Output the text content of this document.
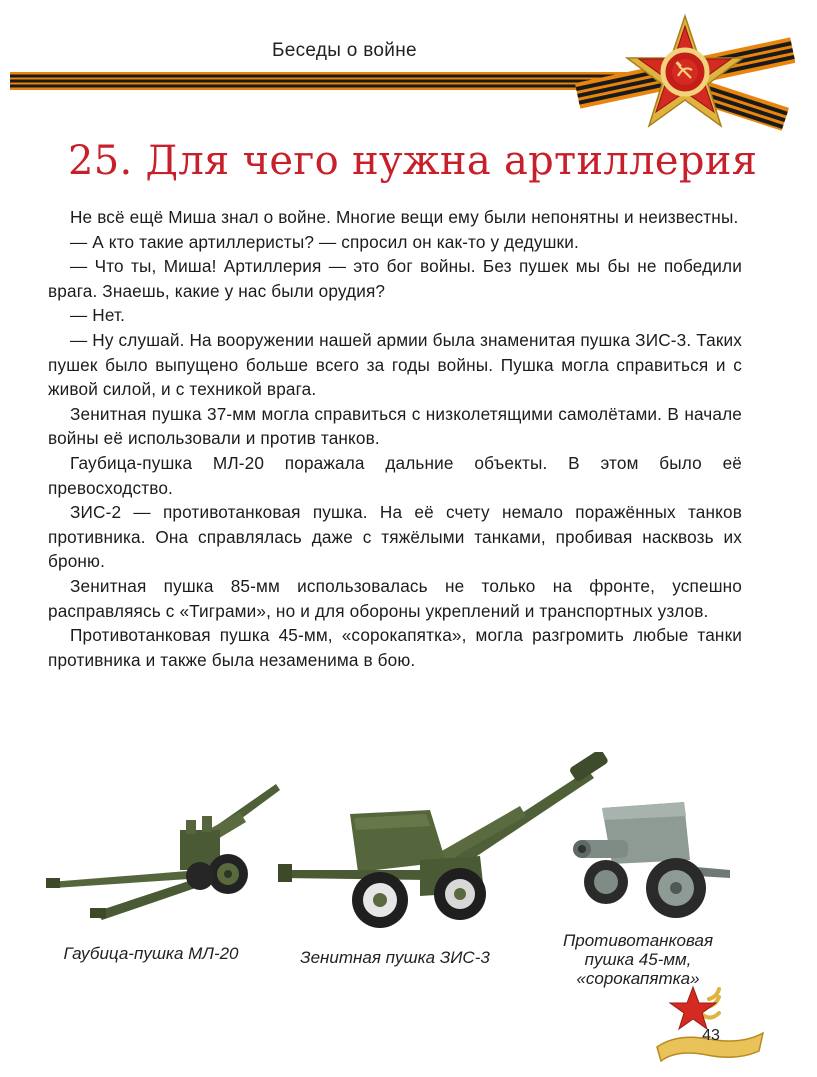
Беседы о войне
25. Для чего нужна артиллерия

Не всё ещё Миша знал о войне. Многие вещи ему были непонятны и неизвестны.

— А кто такие артиллеристы? — спросил он как-то у дедушки.

— Что ты, Миша! Артиллерия — это бог войны. Без пушек мы бы не победили врага. Знаешь, какие у нас были орудия?

— Нет.

— Ну слушай. На вооружении нашей армии была знаменитая пушка ЗИС-3. Таких пушек было выпущено больше всего за годы войны. Пушка могла справиться и с живой силой, и с техникой врага.

Зенитная пушка 37-мм могла справиться с низколетящими самолётами. В начале войны её использовали и против танков.

Гаубица-пушка МЛ-20 поражала дальние объекты. В этом было её превосходство.

ЗИС-2 — противотанковая пушка. На её счету немало поражённых танков противника. Она справлялась даже с тяжёлыми танками, пробивая насквозь их броню.

Зенитная пушка 85-мм использовалась не только на фронте, успешно расправляясь с «Тиграми», но и для обороны укреплений и транспортных узлов.

Противотанковая пушка 45-мм, «сорокапятка», могла разгромить любые танки противника и также была незаменима в бою.

Гаубица-пушка МЛ-20	Зенитная пушка ЗИС-3
Противотанковая
пушка 45-мм,
«сорокапятка»
43
